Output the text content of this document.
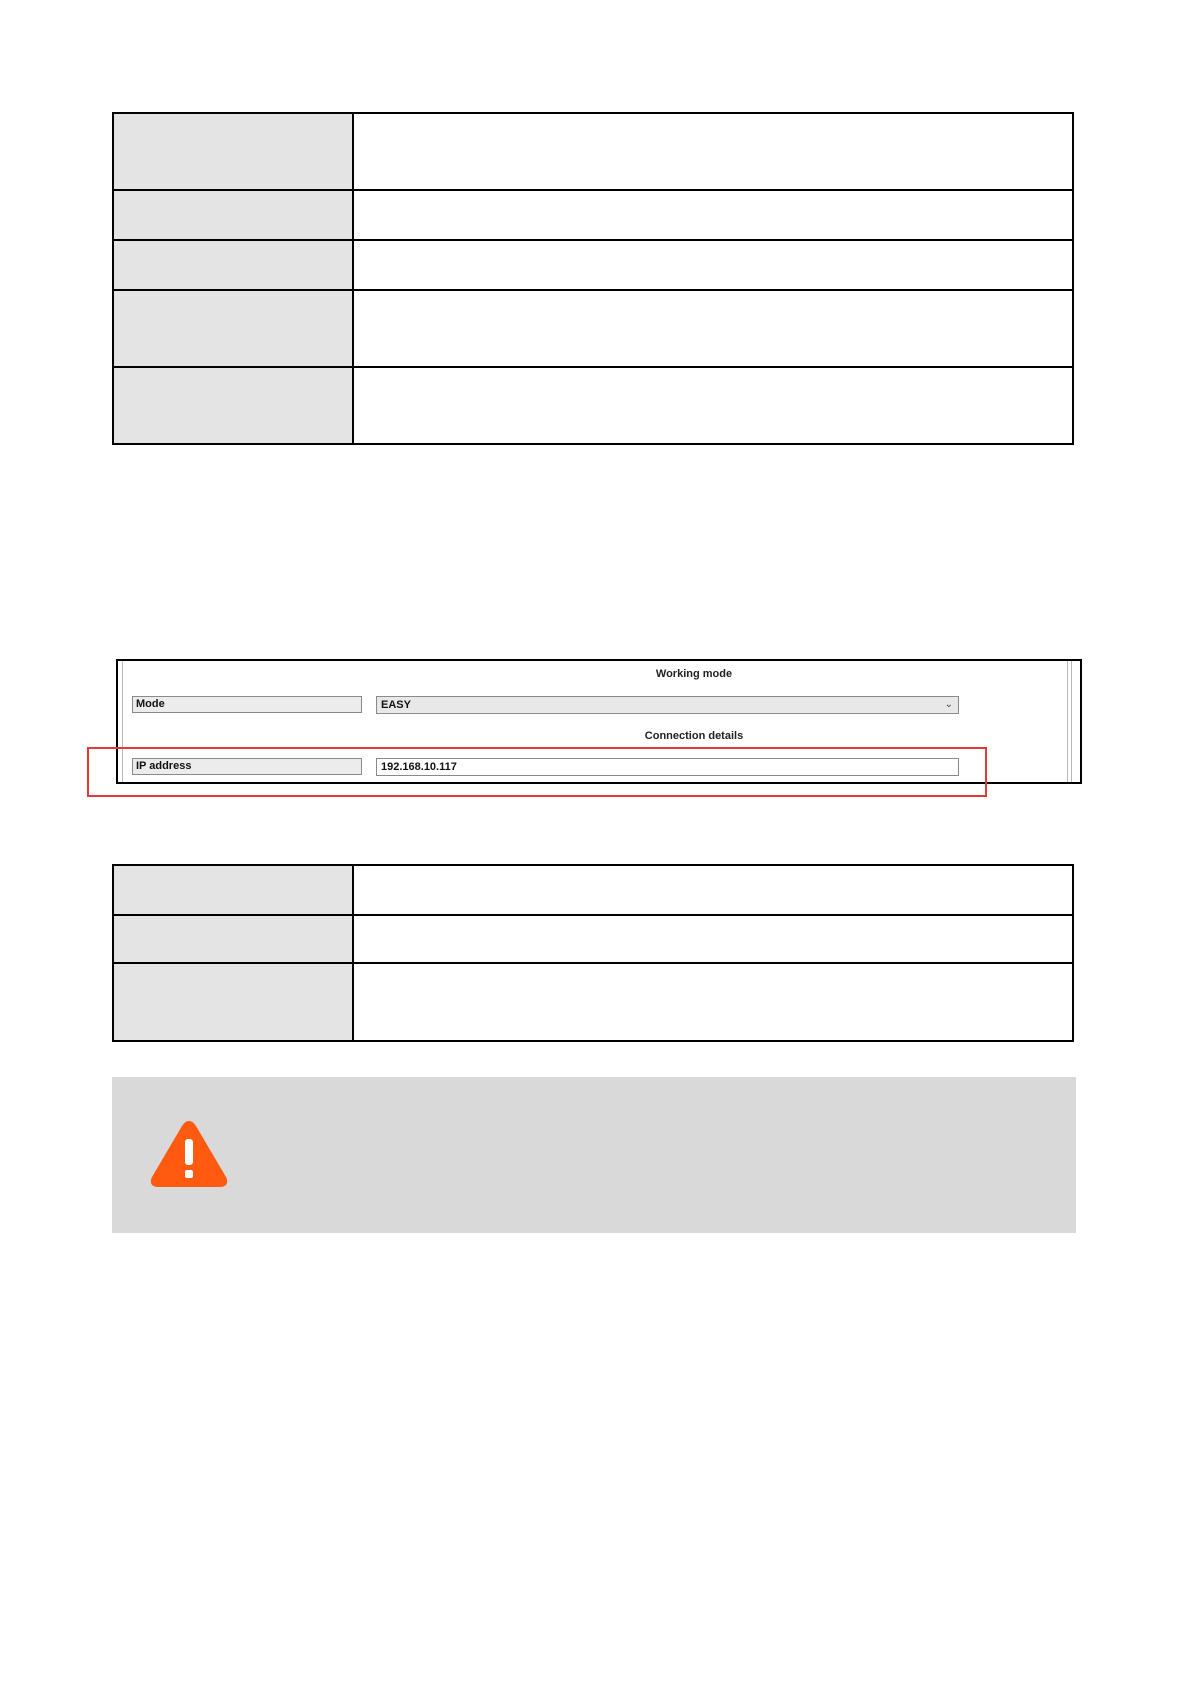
Working mode
Mode	EASY	⌄
Connection details
IP address	192.168.10.117
